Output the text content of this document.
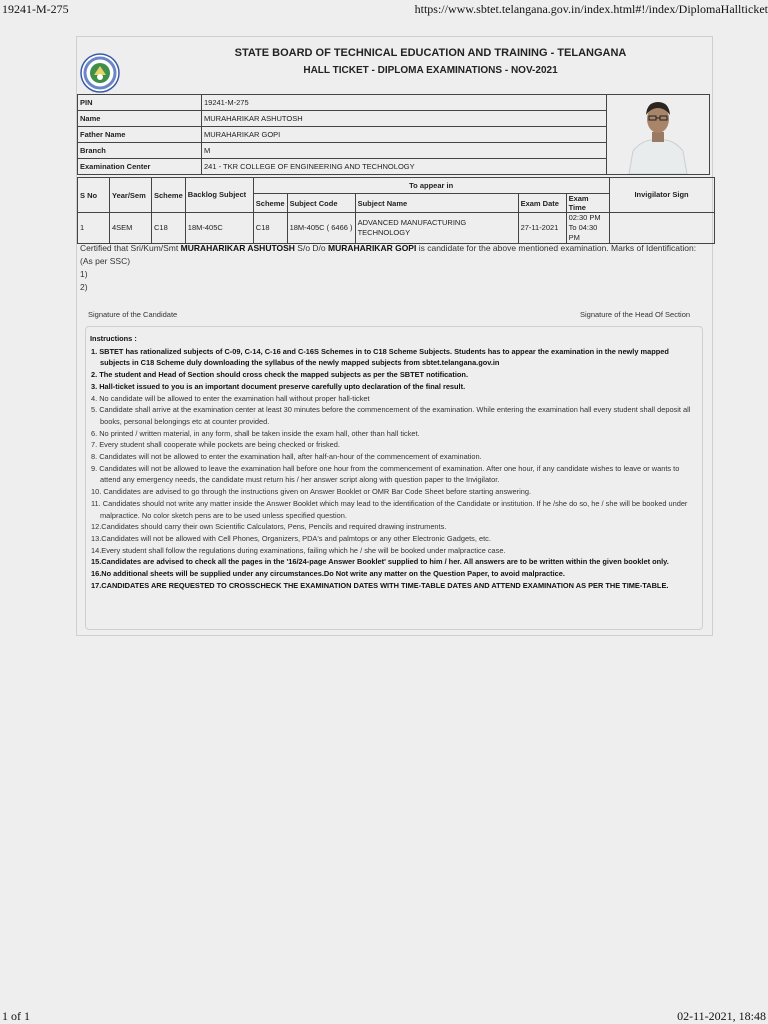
19241-M-275	https://www.sbtet.telangana.gov.in/index.html#!/index/DiplomaHallticket
STATE BOARD OF TECHNICAL EDUCATION AND TRAINING - TELANGANA
HALL TICKET - DIPLOMA EXAMINATIONS - NOV-2021
PIN	19241-M-275
Name	MURAHARIKAR ASHUTOSH
Father Name	MURAHARIKAR GOPI
Branch	M
Examination Center	241 - TKR COLLEGE OF ENGINEERING AND TECHNOLOGY
S No	Year/Sem	Scheme	Backlog Subject	To appear in					Invigilator Sign
				Scheme	Subject Code	Subject Name	Exam Date	Exam Time	
1	4SEM	C18	18M-405C	C18	18M-405C ( 6466 )	ADVANCED MANUFACTURING TECHNOLOGY	27-11-2021	02:30 PM To 04:30 PM	
Certified that Sri/Kum/Smt MURAHARIKAR ASHUTOSH S/o D/o MURAHARIKAR GOPI is candidate for the above mentioned examination. Marks of Identification: (As per SSC)
1)
2)
Signature of the Candidate	Signature of the Head Of Section
Instructions :
1. SBTET has rationalized subjects of C-09, C-14, C-16 and C-16S Schemes in to C18 Scheme Subjects. Students has to appear the examination in the newly mapped subjects in C18 Scheme duly downloading the syllabus of the newly mapped subjects from sbtet.telangana.gov.in
2. The student and Head of Section should cross check the mapped subjects as per the SBTET notification.
3. Hall-ticket issued to you is an important document preserve carefully upto declaration of the final result.
4. No candidate will be allowed to enter the examination hall without proper hall-ticket
5. Candidate shall arrive at the examination center at least 30 minutes before the commencement of the examination. While entering the examination hall every student shall deposit all books, personal belongings etc at counter provided.
6. No printed / written material, in any form, shall be taken inside the exam hall, other than hall ticket.
7. Every student shall cooperate while pockets are being checked or frisked.
8. Candidates will not be allowed to enter the examination hall, after half-an-hour of the commencement of examination.
9. Candidates will not be allowed to leave the examination hall before one hour from the commencement of examination. After one hour, if any candidate wishes to leave or wants to attend any emergency needs, the candidate must return his / her answer script along with question paper to the Invigilator.
10. Candidates are advised to go through the instructions given on Answer Booklet or OMR Bar Code Sheet before starting answering.
11. Candidates should not write any matter inside the Answer Booklet which may lead to the identification of the Candidate or institution. If he /she do so, he / she will be booked under malpractice. No color sketch pens are to be used unless specified question.
12.Candidates should carry their own Scientific Calculators, Pens, Pencils and required drawing instruments.
13.Candidates will not be allowed with Cell Phones, Organizers, PDA's and palmtops or any other Electronic Gadgets, etc.
14.Every student shall follow the regulations during examinations, failing which he / she will be booked under malpractice case.
15.Candidates are advised to check all the pages in the '16/24-page Answer Booklet' supplied to him / her. All answers are to be written within the given booklet only.
16.No additional sheets will be supplied under any circumstances.Do Not write any matter on the Question Paper, to avoid malpractice.
17.CANDIDATES ARE REQUESTED TO CROSSCHECK THE EXAMINATION DATES WITH TIME-TABLE DATES AND ATTEND EXAMINATION AS PER THE TIME-TABLE.
1 of 1	02-11-2021, 18:48
